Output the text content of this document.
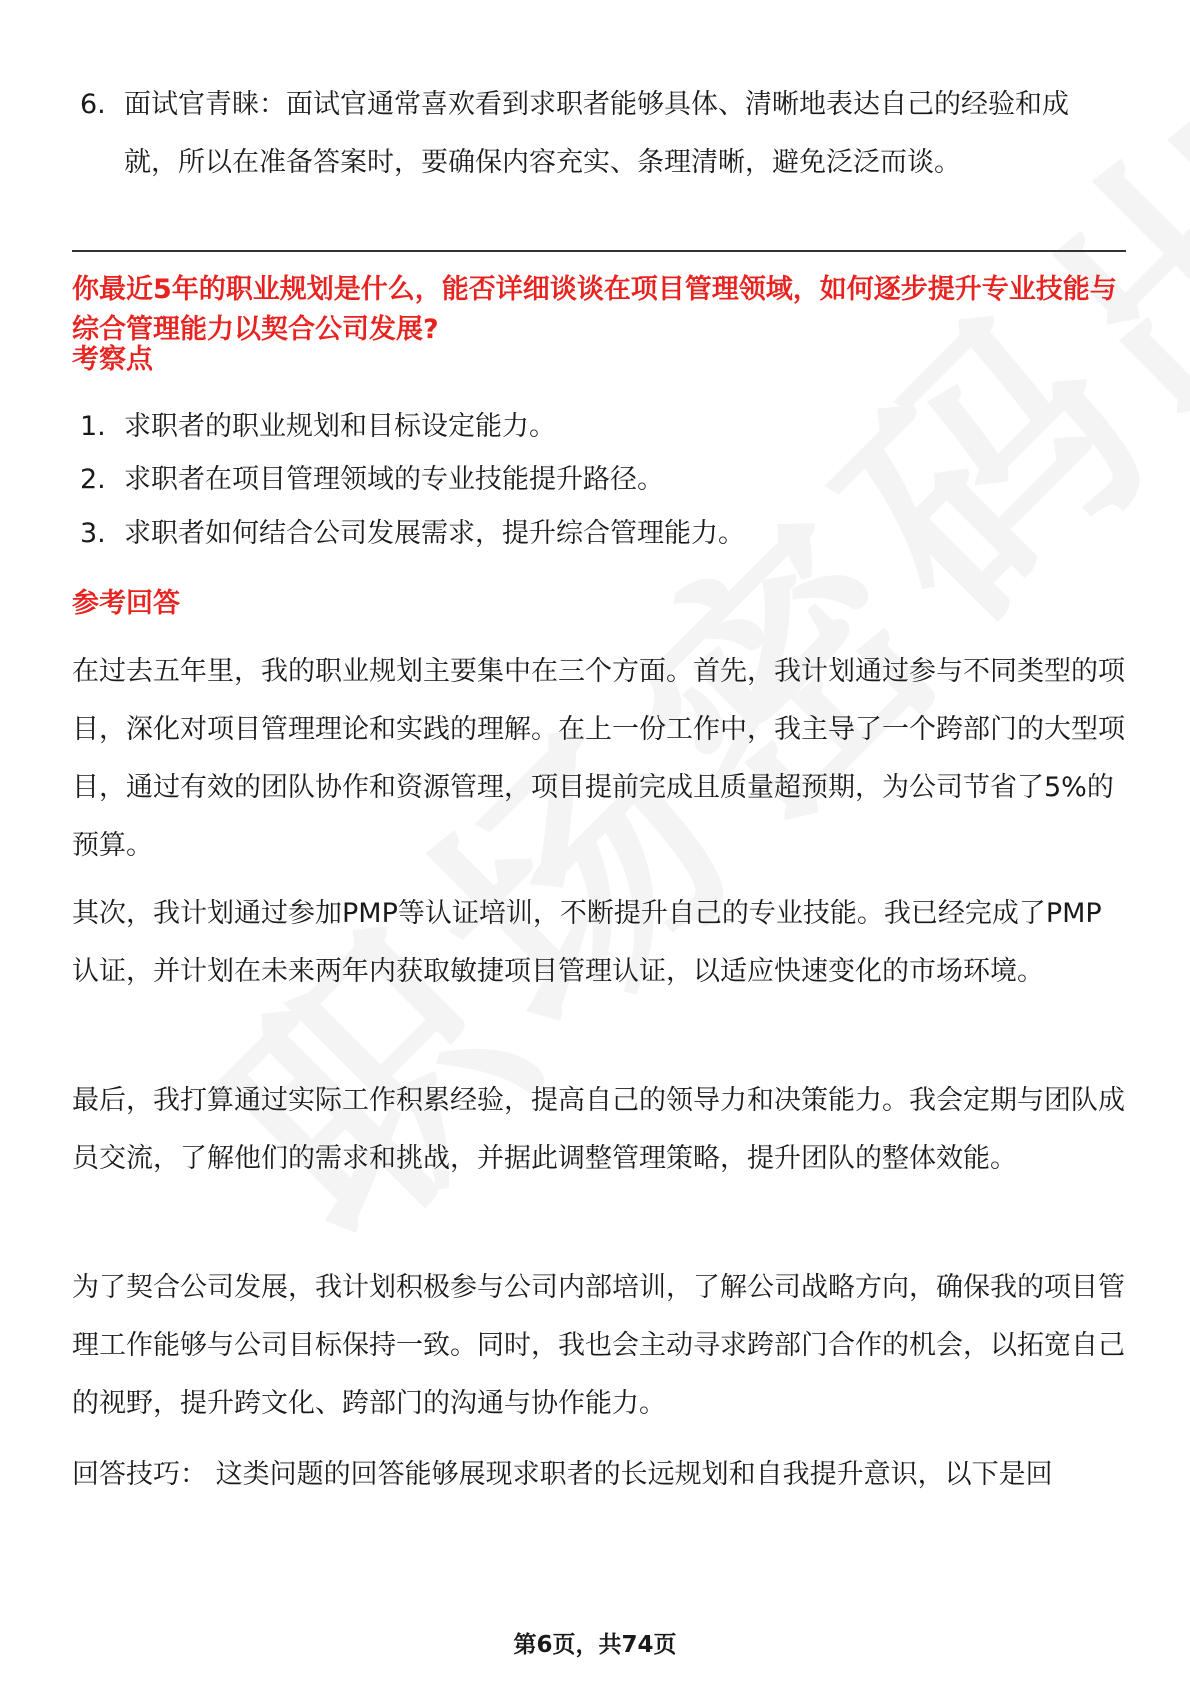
6. 面试官青睐：面试官通常喜欢看到求职者能够具体、清晰地表达自己的经验和成就，所以在准备答案时，要确保内容充实、条理清晰，避免泛泛而谈。
你最近5年的职业规划是什么，能否详细谈谈在项目管理领域，如何逐步提升专业技能与综合管理能力以契合公司发展?
考察点
1. 求职者的职业规划和目标设定能力。
2. 求职者在项目管理领域的专业技能提升路径。
3. 求职者如何结合公司发展需求，提升综合管理能力。
参考回答
在过去五年里，我的职业规划主要集中在三个方面。首先，我计划通过参与不同类型的项目，深化对项目管理理论和实践的理解。在上一份工作中，我主导了一个跨部门的大型项目，通过有效的团队协作和资源管理，项目提前完成且质量超预期，为公司节省了5%的预算。
其次，我计划通过参加PMP等认证培训，不断提升自己的专业技能。我已经完成了PMP认证，并计划在未来两年内获取敏捷项目管理认证，以适应快速变化的市场环境。
最后，我打算通过实际工作积累经验，提高自己的领导力和决策能力。我会定期与团队成员交流，了解他们的需求和挑战，并据此调整管理策略，提升团队的整体效能。
为了契合公司发展，我计划积极参与公司内部培训，了解公司战略方向，确保我的项目管理工作能够与公司目标保持一致。同时，我也会主动寻求跨部门合作的机会，以拓宽自己的视野，提升跨文化、跨部门的沟通与协作能力。
回答技巧： 这类问题的回答能够展现求职者的长远规划和自我提升意识，以下是回
第6页，共74页
